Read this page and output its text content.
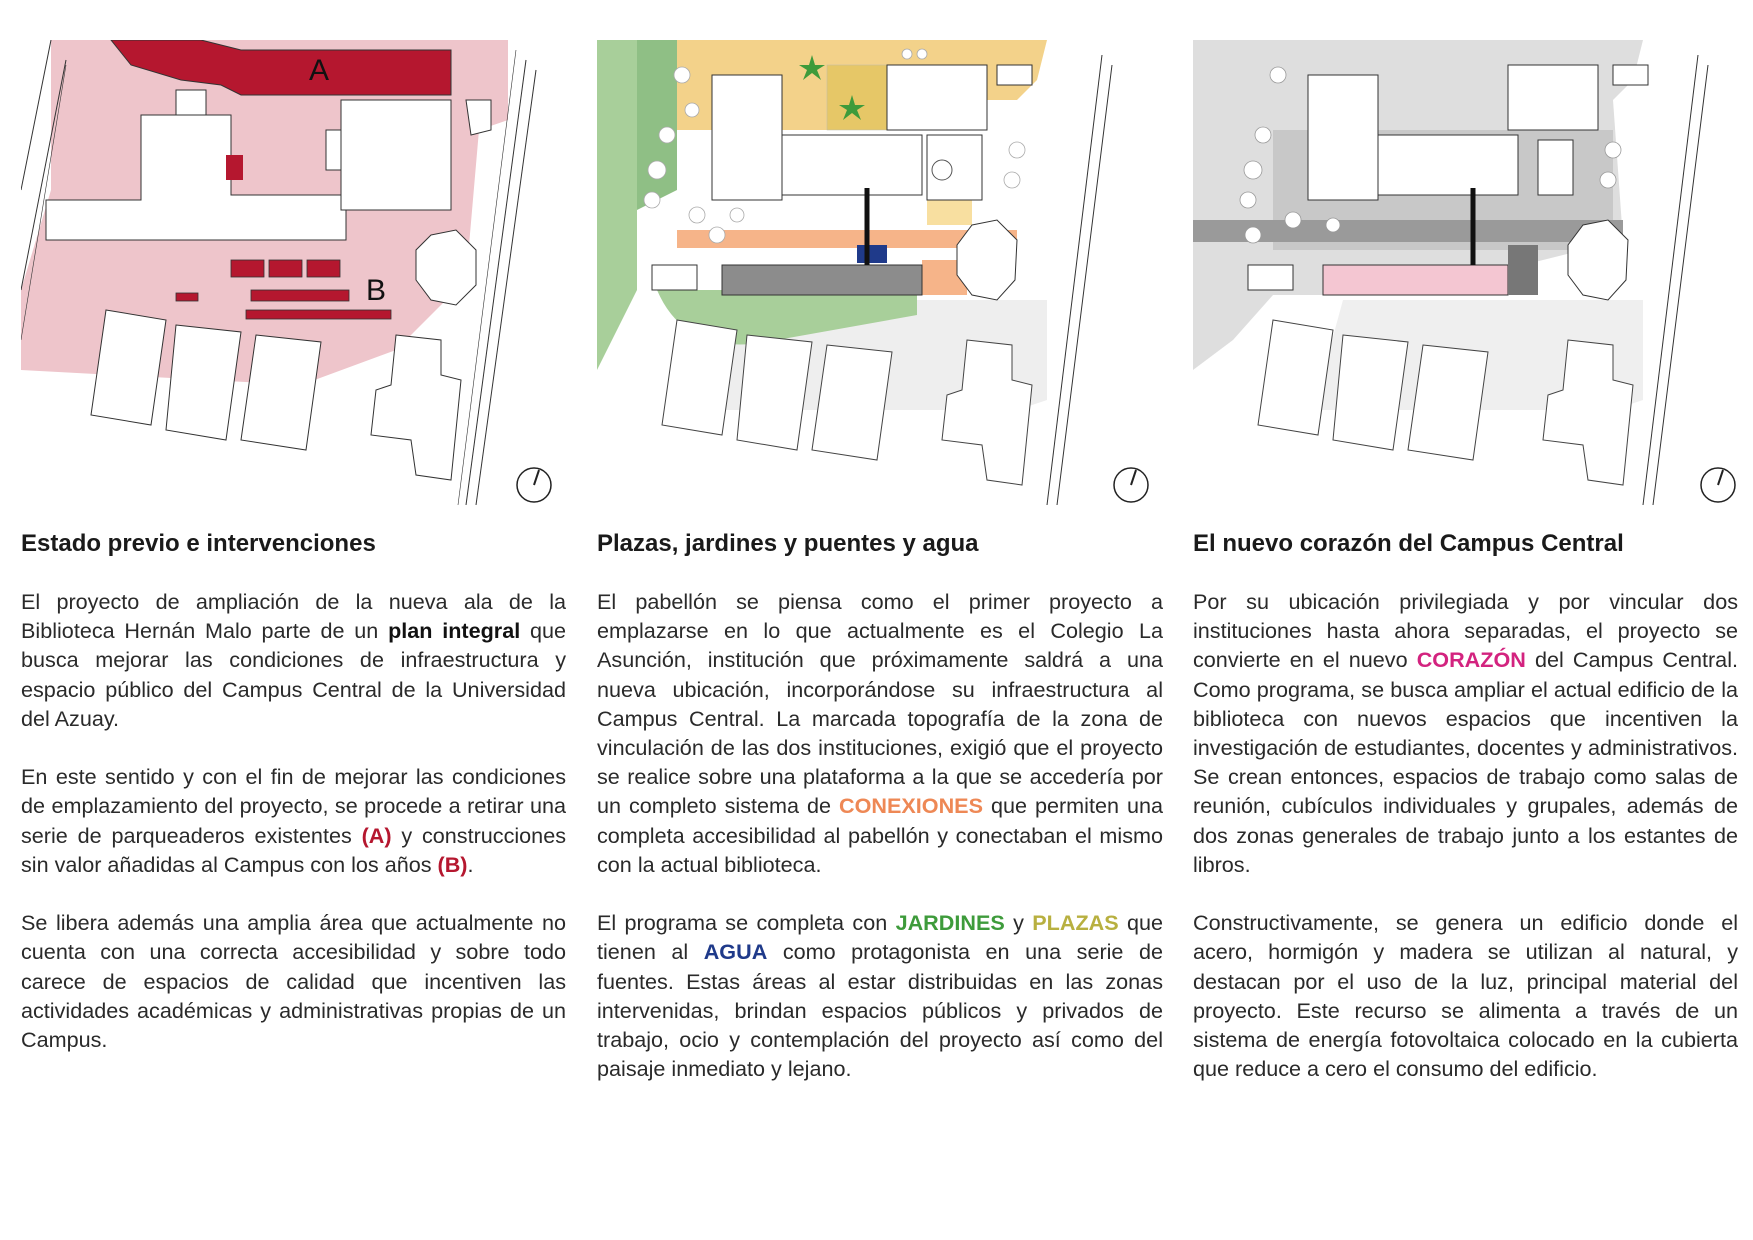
A
B
Estado previo e intervenciones

El proyecto de ampliación de la nueva ala de la Biblioteca Hernán Malo parte de un plan integral que busca mejorar las condiciones de infraestructura y espacio público del Campus Central de la Universidad del Azuay.

En este sentido y con el fin de mejorar las condiciones de emplazamiento del proyecto, se procede a retirar una serie de parqueaderos existentes (A) y construcciones sin valor añadidas al Campus con los años (B).

Se libera además una amplia área que actualmente no cuenta con una correcta accesibilidad y sobre todo carece de espacios de calidad que incentiven las actividades académicas y administrativas propias de un Campus.

Plazas, jardines y puentes y agua

El pabellón se piensa como el primer proyecto a emplazarse en lo que actualmente es el Colegio La Asunción, institución que próximamente saldrá a una nueva ubicación, incorporándose su infraestructura al Campus Central. La marcada topografía de la zona de vinculación de las dos instituciones, exigió que el proyecto se realice sobre una plataforma a la que se accedería por un completo sistema de CONEXIONES que permiten una completa accesibilidad al pabellón y conectaban el mismo con la actual biblioteca.

El programa se completa con JARDINES y PLAZAS que tienen al AGUA como protagonista en una serie de fuentes. Estas áreas al estar distribuidas en las zonas intervenidas, brindan espacios públicos y privados de trabajo, ocio y contemplación del proyecto así como del paisaje inmediato y lejano.

El nuevo corazón del Campus Central

Por su ubicación privilegiada y por vincular dos instituciones hasta ahora separadas, el proyecto se convierte en el nuevo CORAZÓN del Campus Central. Como programa, se busca ampliar el actual edificio de la biblioteca con nuevos espacios que incentiven la investigación de estudiantes, docentes y administrativos. Se crean entonces, espacios de trabajo como salas de reunión, cubículos individuales y grupales, además de dos zonas generales de trabajo junto a los estantes de libros.

Constructivamente, se genera un edificio donde el acero, hormigón y madera se utilizan al natural, y destacan por el uso de la luz, principal material del proyecto. Este recurso se alimenta a través de un sistema de energía fotovoltaica colocado en la cubierta que reduce a cero el consumo del edificio.
